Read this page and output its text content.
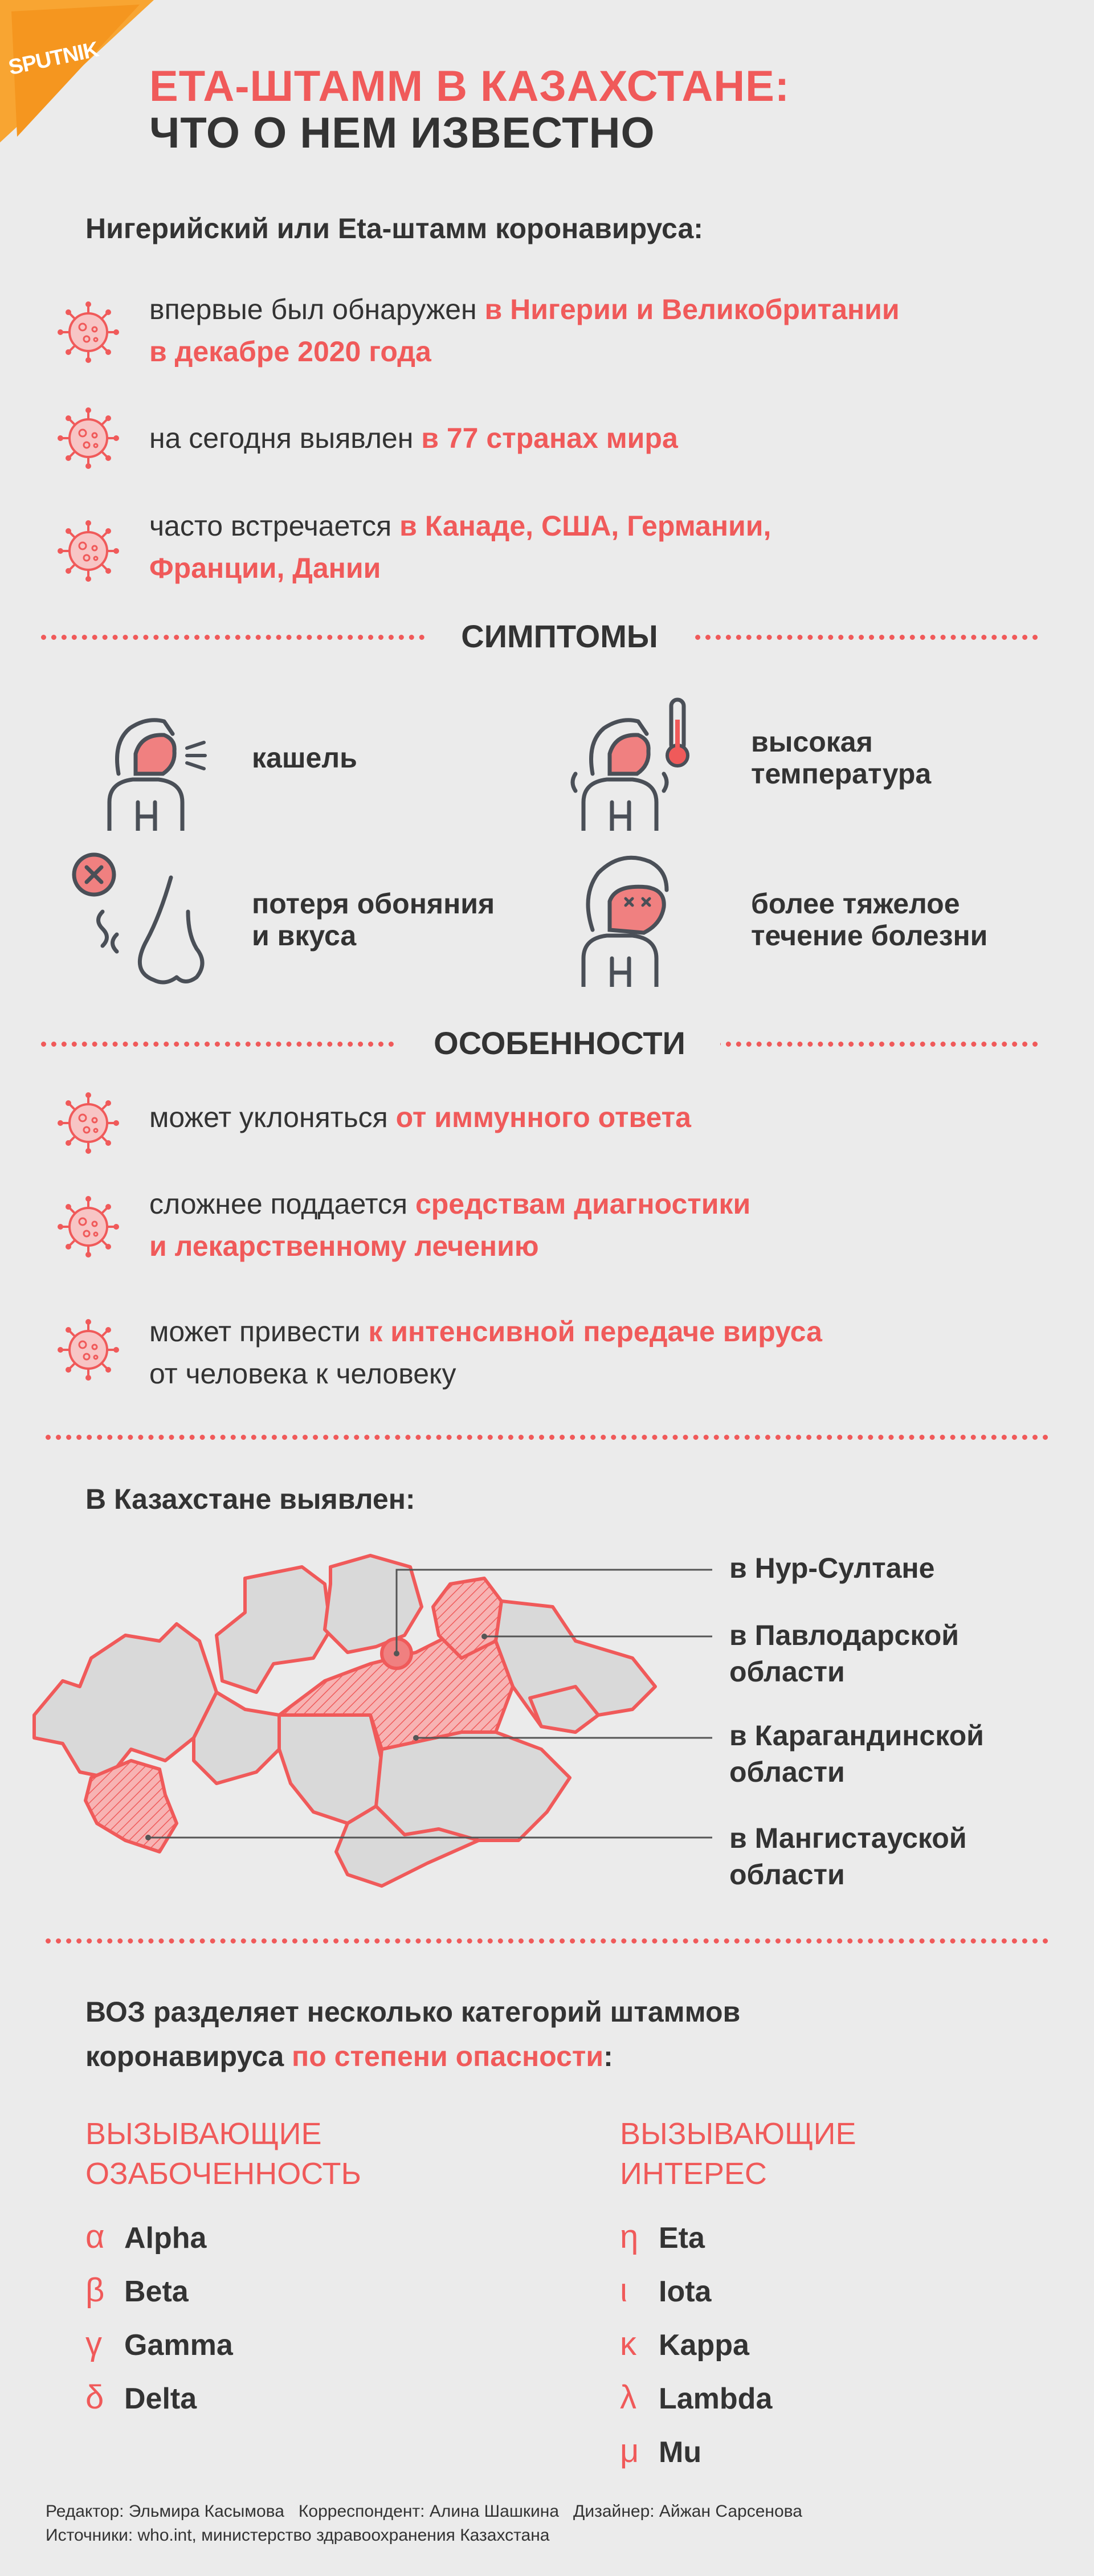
SPUTNIK
ЕТА-ШТАММ В КАЗАХСТАНЕ:
ЧТО О НЕМ ИЗВЕСТНО
Нигерийский или Eta-штамм коронавируса:
впервые был обнаружен в Нигерии и Великобритании
в декабре 2020 года
на сегодня выявлен в 77 странах мира
часто встречается в Канаде, США, Германии,
Франции, Дании
СИМПТОМЫ
кашель	высокая
температура
потеря обоняния
и вкуса
более тяжелое
течение болезни
ОСОБЕННОСТИ
может уклоняться от иммунного ответа
сложнее поддается средствам диагностики
и лекарственному лечению
может привести к интенсивной передаче вируса
от человека к человеку
В Казахстане выявлен:
в Нур-Султане
в Павлодарской
области
в Карагандинской
области
в Мангистауской
области
ВОЗ разделяет несколько категорий штаммов
коронавируса по степени опасности:
ВЫЗЫВАЮЩИЕ
ОЗАБОЧЕННОСТЬ
α Alpha
β Beta
γ Gamma
δ Delta
ВЫЗЫВАЮЩИЕ
ИНТЕРЕС
η Eta
ι Iota
κ Kappa
λ Lambda
μ Mu
Редактор: Эльмира Касымова   Корреспондент: Алина Шашкина   Дизайнер: Айжан Сарсенова
Источники: who.int, министерство здравоохранения Казахстана
